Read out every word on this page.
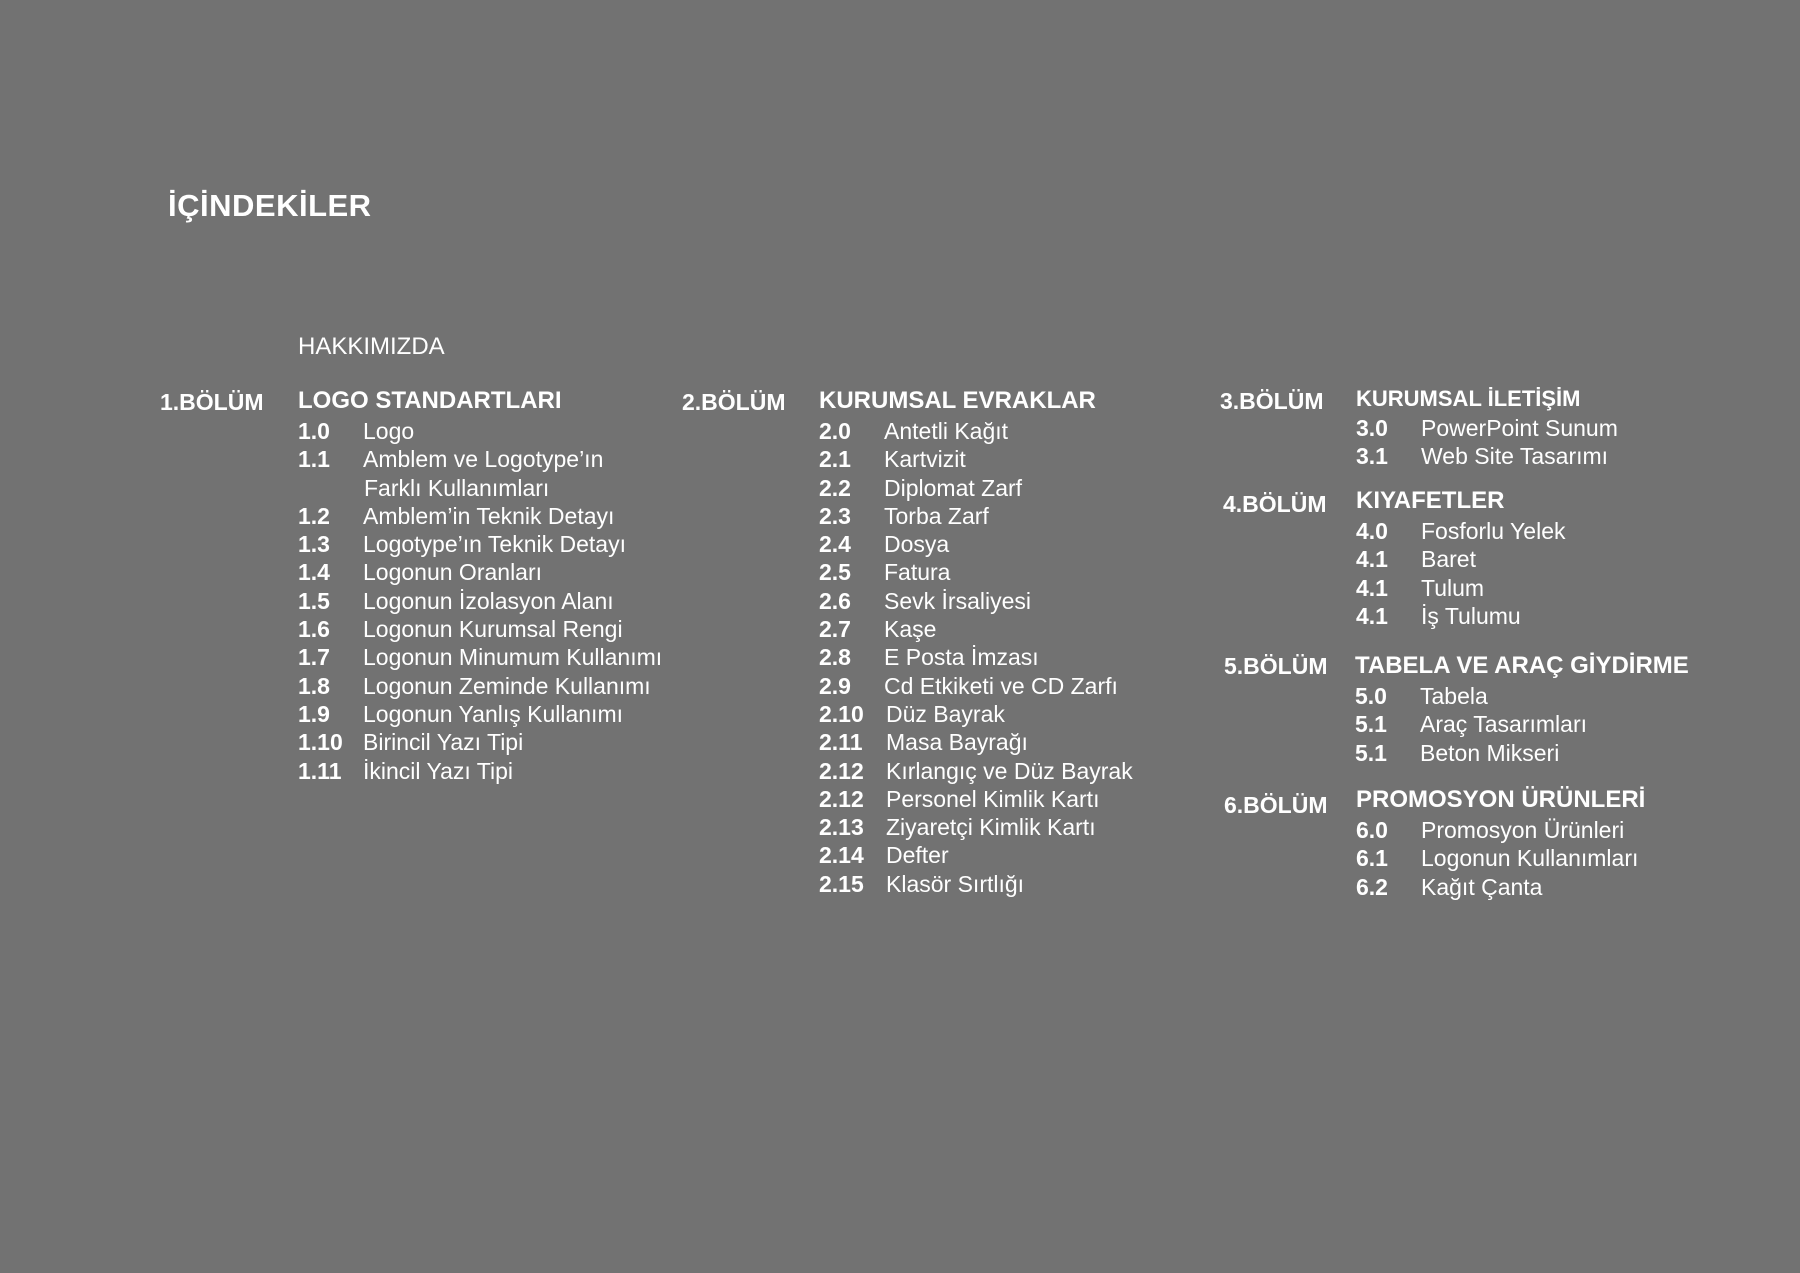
İÇİNDEKİLER
HAKKIMIZDA
1.BÖLÜM LOGO STANDARTLARI
1.0	Logo
1.1	Amblem ve Logotype’ın
Farklı Kullanımları
1.2	Amblem’in Teknik Detayı
1.3	Logotype’ın Teknik Detayı
1.4	Logonun Oranları
1.5	Logonun İzolasyon Alanı
1.6	Logonun Kurumsal Rengi
1.7	Logonun Minumum Kullanımı
1.8	Logonun Zeminde Kullanımı
1.9	Logonun Yanlış Kullanımı
1.10 Birincil Yazı Tipi
1.11 İkincil Yazı Tipi
2.BÖLÜM KURUMSAL EVRAKLAR
2.0	Antetli Kağıt
2.1	Kartvizit
2.2	Diplomat Zarf
2.3	Torba Zarf
2.4	Dosya
2.5	Fatura
2.6	Sevk İrsaliyesi
2.7	Kaşe
2.8	E Posta İmzası
2.9	Cd Etkiketi ve CD Zarfı
2.10 Düz Bayrak
2.11	Masa Bayrağı
2.12 Kırlangıç ve Düz Bayrak
2.12 Personel Kimlik Kartı
2.13 Ziyaretçi Kimlik Kartı
2.14 Defter
2.15 Klasör Sırtlığı
3.BÖLÜM KURUMSAL İLETİŞİM
3.0	PowerPoint Sunum
3.1	Web Site Tasarımı
4.BÖLÜM KIYAFETLER
4.0	Fosforlu Yelek
4.1	Baret
4.1	Tulum
4.1	İş Tulumu
5.BÖLÜM TABELA VE ARAÇ GİYDİRME
5.0	Tabela
5.1	Araç Tasarımları
5.1	Beton Mikseri
6.BÖLÜM PROMOSYON ÜRÜNLERİ
6.0	Promosyon Ürünleri
6.1	Logonun Kullanımları
6.2	Kağıt Çanta
